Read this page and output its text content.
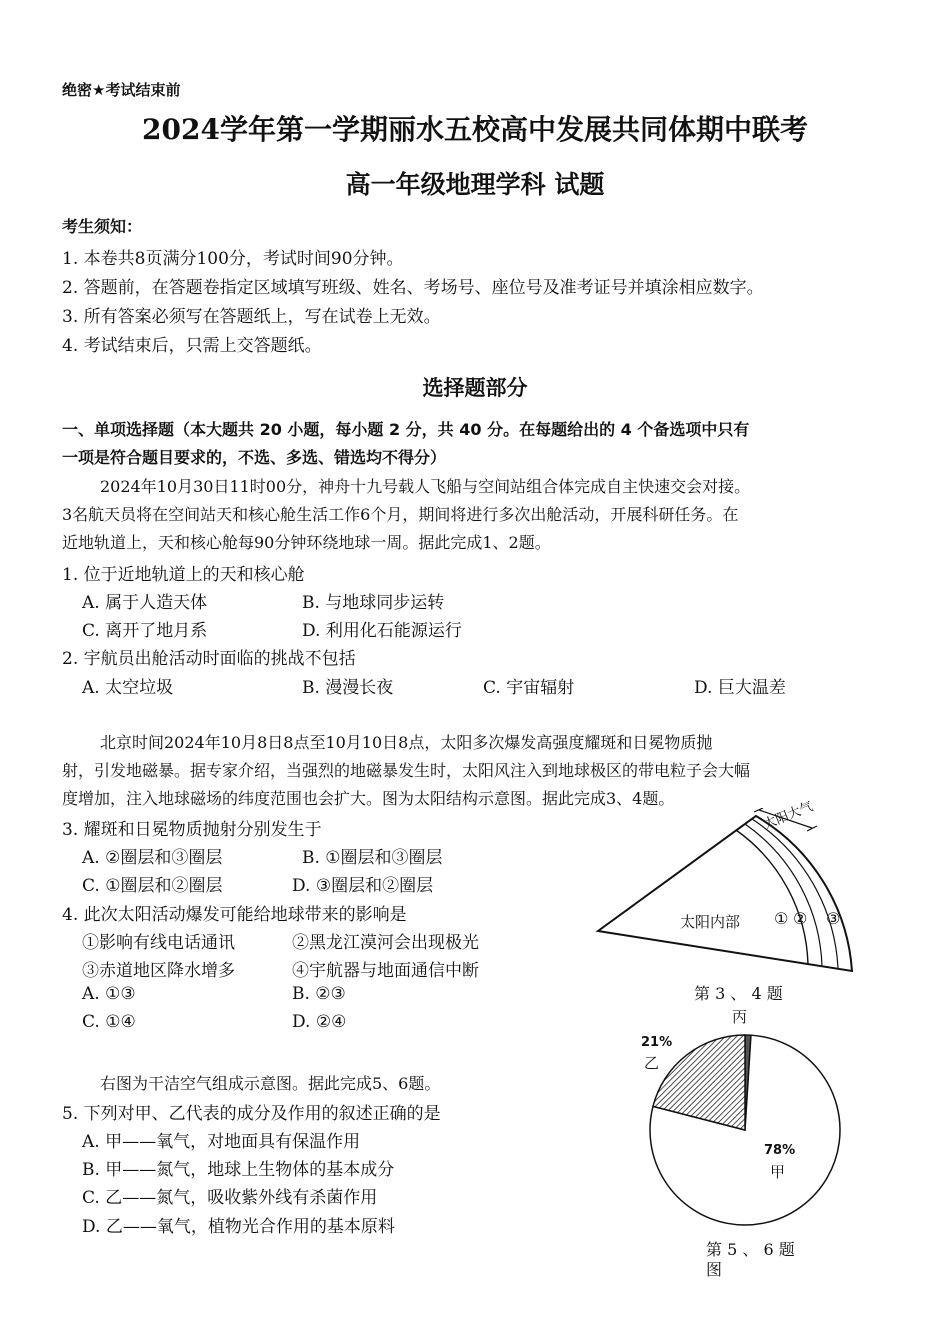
绝密★考试结束前
2024学年第一学期丽水五校高中发展共同体期中联考
高一年级地理学科 试题
考生须知：
1. 本卷共8页满分100分，考试时间90分钟。
2. 答题前，在答题卷指定区域填写班级、姓名、考场号、座位号及准考证号并填涂相应数字。
3. 所有答案必须写在答题纸上，写在试卷上无效。
4. 考试结束后，只需上交答题纸。
选择题部分
一、单项选择题（本大题共 20 小题，每小题 2 分，共 40 分。在每题给出的 4 个备选项中只有
一项是符合题目要求的，不选、多选、错选均不得分）
2024年10月30日11时00分，神舟十九号载人飞船与空间站组合体完成自主快速交会对接。
3名航天员将在空间站天和核心舱生活工作6个月，期间将进行多次出舱活动，开展科研任务。在
近地轨道上，天和核心舱每90分钟环绕地球一周。据此完成1、2题。
1. 位于近地轨道上的天和核心舱
A. 属于人造天体	B. 与地球同步运转
C. 离开了地月系	D. 利用化石能源运行
2. 宇航员出舱活动时面临的挑战不包括
A. 太空垃圾	B. 漫漫长夜	C. 宇宙辐射	D. 巨大温差
北京时间2024年10月8日8点至10月10日8点，太阳多次爆发高强度耀斑和日冕物质抛
射，引发地磁暴。据专家介绍，当强烈的地磁暴发生时，太阳风注入到地球极区的带电粒子会大幅
度增加，注入地球磁场的纬度范围也会扩大。图为太阳结构示意图。据此完成3、4题。
3. 耀斑和日冕物质抛射分别发生于
A. ②圈层和③圈层	B. ①圈层和③圈层
C. ①圈层和②圈层	D. ③圈层和②圈层
4. 此次太阳活动爆发可能给地球带来的影响是
①影响有线电话通讯	②黑龙江漠河会出现极光
③赤道地区降水增多	④宇航器与地面通信中断
A. ①③	B. ②③
C. ①④	D. ②④
太阳大气
太阳内部 ① ② ③
第 3 、 4 题
右图为干洁空气组成示意图。据此完成5、6题。
5. 下列对甲、乙代表的成分及作用的叙述正确的是
A. 甲——氧气，对地面具有保温作用
B. 甲——氮气，地球上生物体的基本成分
C. 乙——氮气，吸收紫外线有杀菌作用
D. 乙——氧气，植物光合作用的基本原料
丙
21%
乙
78%
甲
第 5 、 6 题
图
